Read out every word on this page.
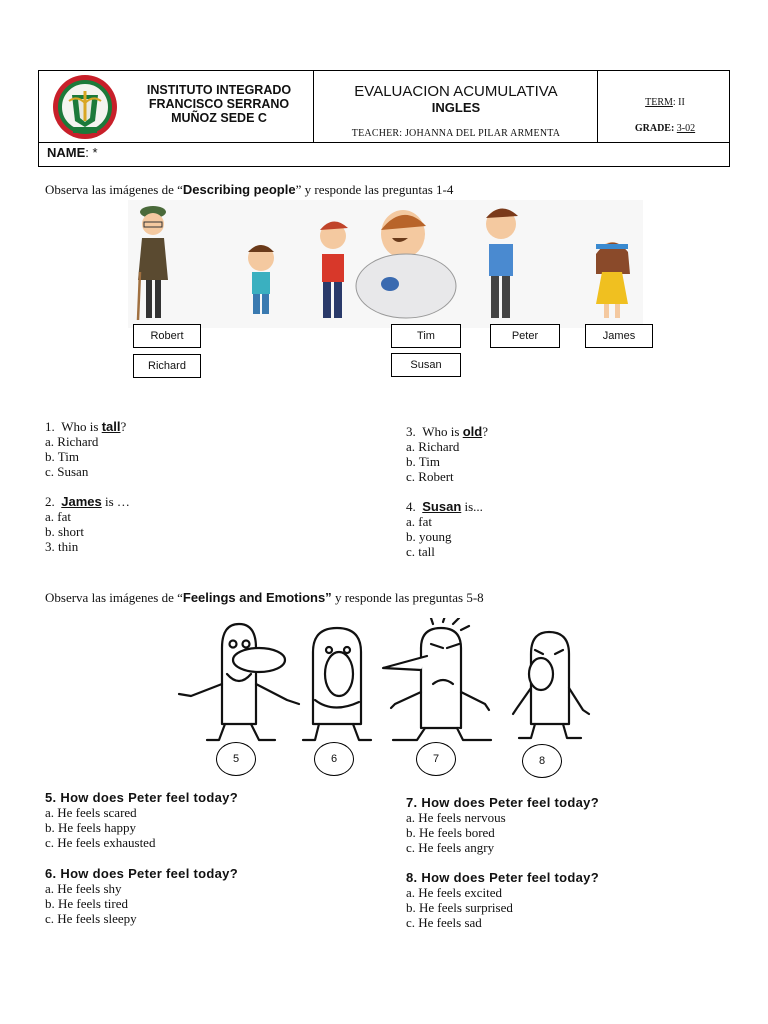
INSTITUTO INTEGRADO
FRANCISCO SERRANO
MUÑOZ SEDE C
EVALUACION ACUMULATIVA
INGLES
TEACHER: JOHANNA DEL PILAR ARMENTA
TERM: II
GRADE: 3-02
NAME: *
Observa las imágenes de “Describing people” y responde las preguntas 1-4
Robert
Richard
Tim
Susan
Peter	James
1. Who is tall?
a. Richard
b. Tim
c. Susan
2. James is …
a. fat
b. short
3. thin
3. Who is old?
a. Richard
b. Tim
c. Robert
4. Susan is...
a. fat
b. young
c. tall
Observa las imágenes de “Feelings and Emotions” y responde las preguntas 5-8
5	6	7	8
5. How does Peter feel today?
a. He feels scared
b. He feels happy
c. He feels exhausted
6. How does Peter feel today?
a. He feels shy
b. He feels tired
c. He feels sleepy
7. How does Peter feel today?
a. He feels nervous
b. He feels bored
c. He feels angry
8. How does Peter feel today?
a. He feels excited
b. He feels surprised
c. He feels sad
